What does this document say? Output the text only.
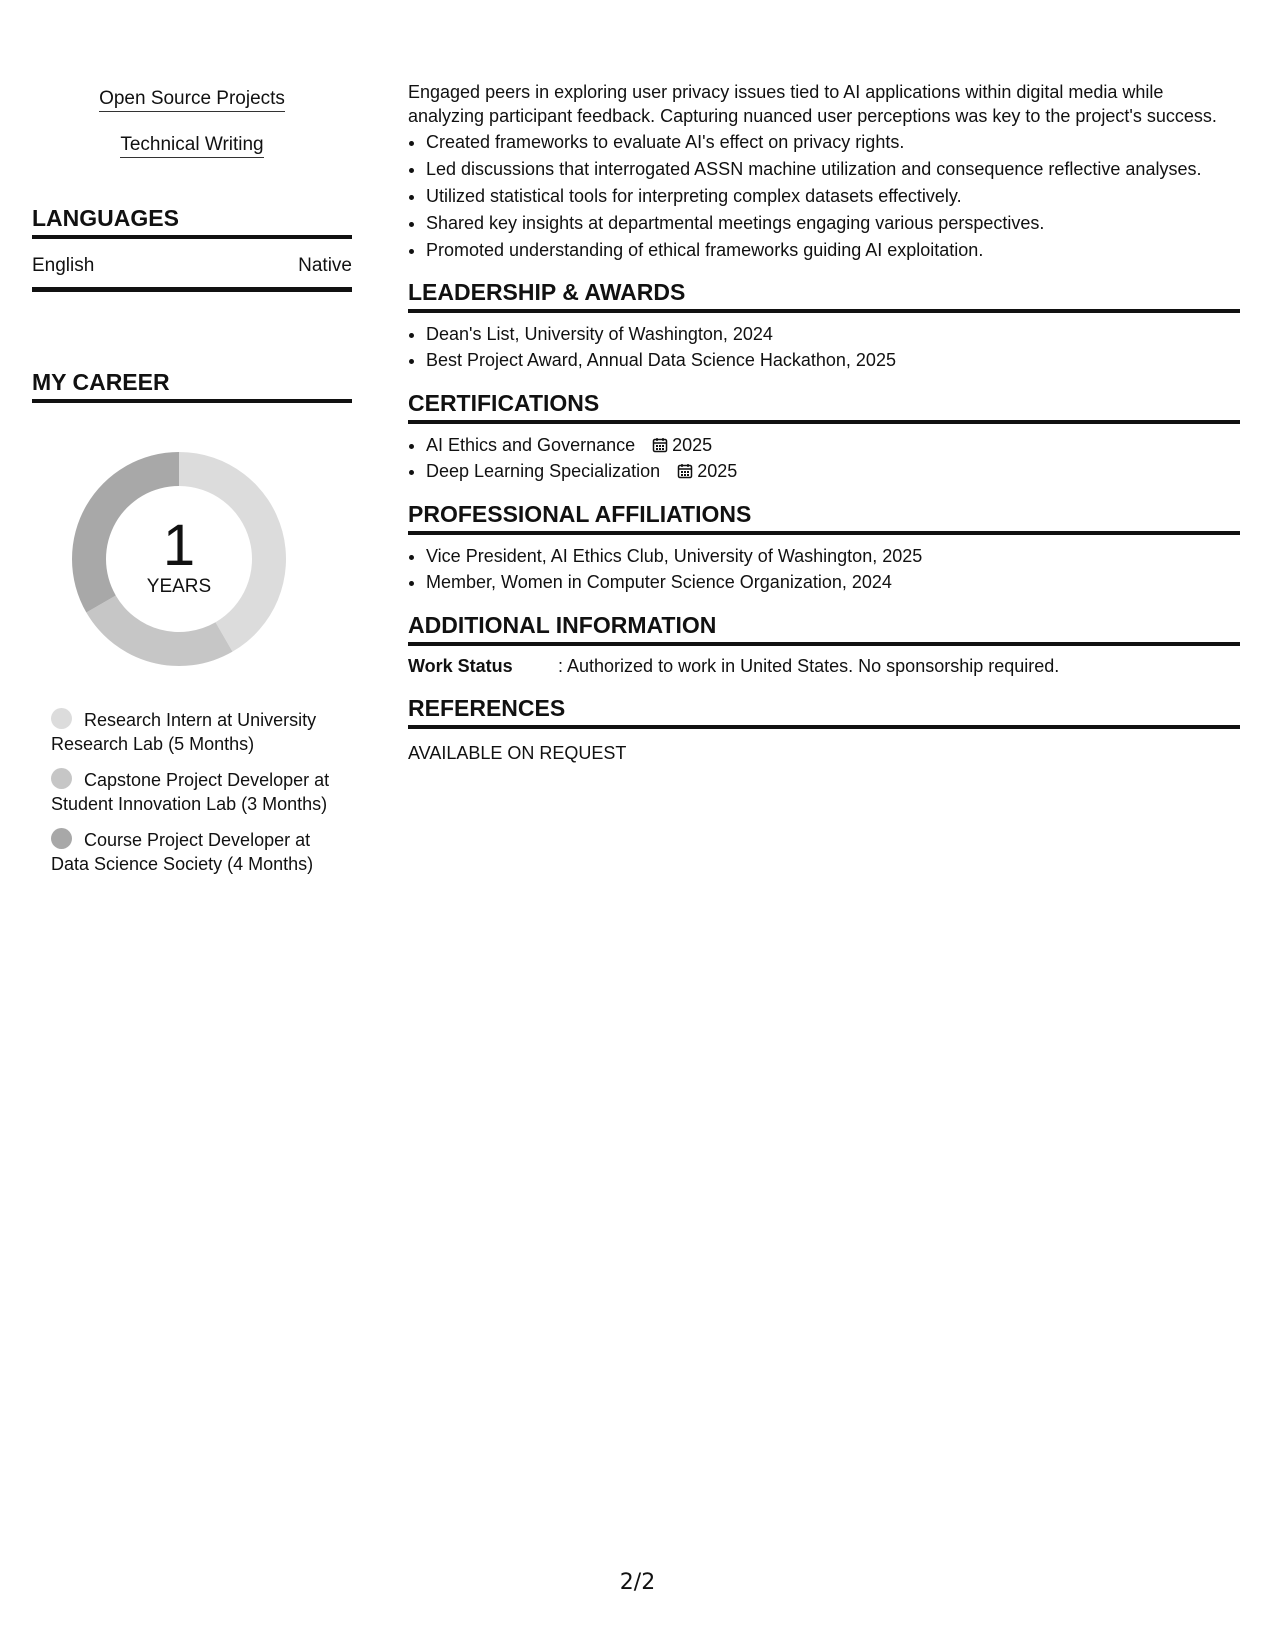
Open Source Projects
Technical Writing
LANGUAGES
English	Native
MY CAREER
1
YEARS
Research Intern at University Research Lab (5 Months)
Capstone Project Developer at Student Innovation Lab (3 Months)
Course Project Developer at Data Science Society (4 Months)

Engaged peers in exploring user privacy issues tied to AI applications within digital media while analyzing participant feedback. Capturing nuanced user perceptions was key to the project's success.

• Created frameworks to evaluate AI's effect on privacy rights.
• Led discussions that interrogated ASSN machine utilization and consequence reflective analyses.
• Utilized statistical tools for interpreting complex datasets effectively.
• Shared key insights at departmental meetings engaging various perspectives.
• Promoted understanding of ethical frameworks guiding AI exploitation.
LEADERSHIP & AWARDS
• Dean's List, University of Washington, 2024
• Best Project Award, Annual Data Science Hackathon, 2025
CERTIFICATIONS
• AI Ethics and Governance 2025
• Deep Learning Specialization 2025
PROFESSIONAL AFFILIATIONS
• Vice President, AI Ethics Club, University of Washington, 2025
• Member, Women in Computer Science Organization, 2024
ADDITIONAL INFORMATION
Work Status	: Authorized to work in United States. No sponsorship required.
REFERENCES
AVAILABLE ON REQUEST
2/2
